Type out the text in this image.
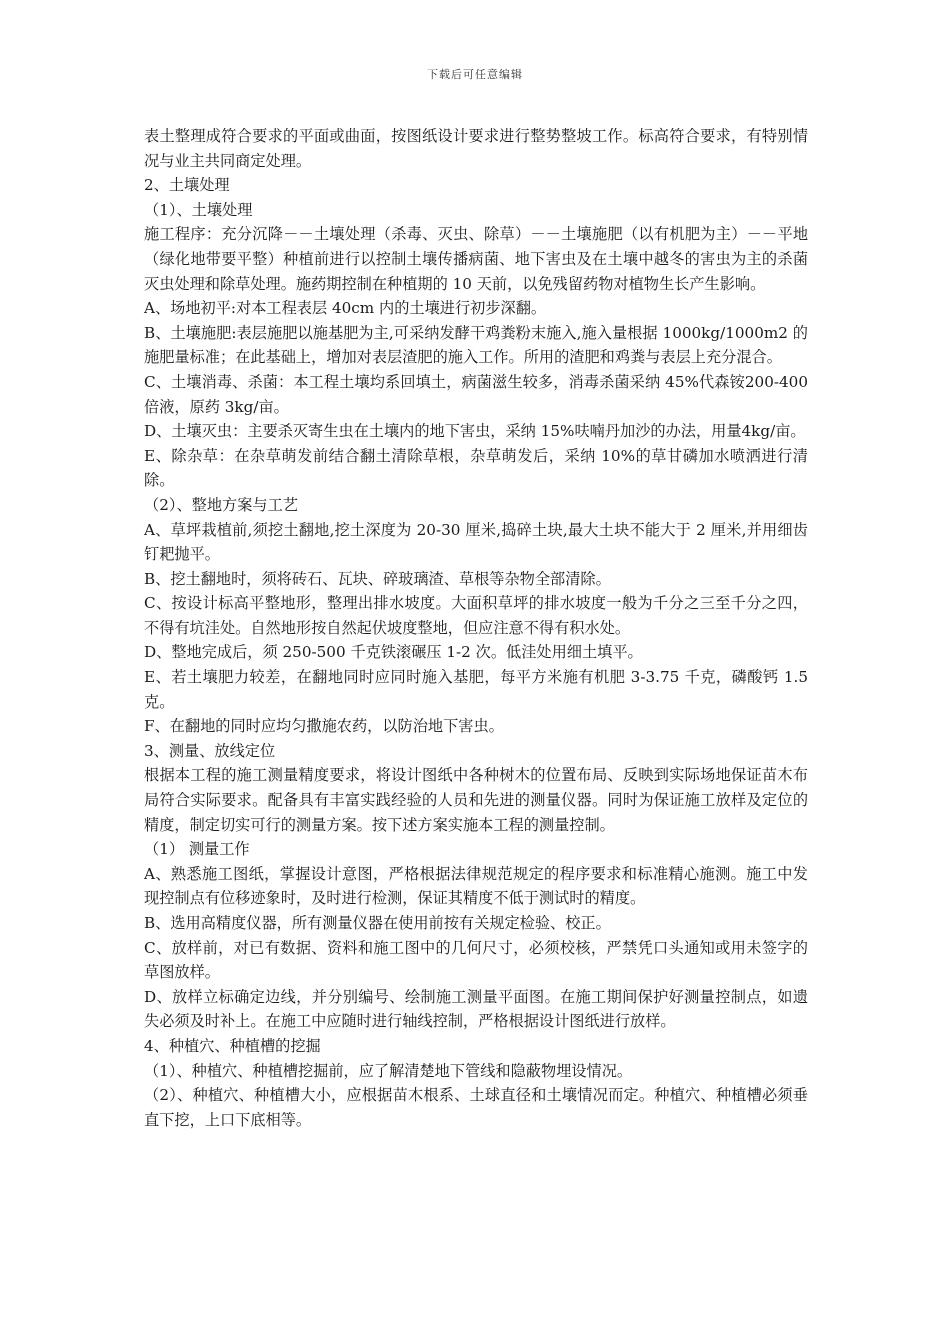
下载后可任意编辑

表土整理成符合要求的平面或曲面，按图纸设计要求进行整势整坡工作。标高符合要求，有特别情况与业主共同商定处理。

2、土壤处理

（1）、土壤处理

施工程序：充分沉降－－土壤处理（杀毒、灭虫、除草）－－土壤施肥（以有机肥为主）－－平地（绿化地带要平整）种植前进行以控制土壤传播病菌、地下害虫及在土壤中越冬的害虫为主的杀菌灭虫处理和除草处理。施药期控制在种植期的 10 天前，以免残留药物对植物生长产生影响。

A、场地初平:对本工程表层 40cm 内的土壤进行初步深翻。

B、土壤施肥:表层施肥以施基肥为主,可采纳发酵干鸡粪粉末施入,施入量根据 1000kg/1000m2 的施肥量标准；在此基础上，增加对表层渣肥的施入工作。所用的渣肥和鸡粪与表层上充分混合。

C、土壤消毒、杀菌：本工程土壤均系回填土，病菌滋生较多，消毒杀菌采纳 45%代森铵200-400 倍液，原药 3kg/亩。

D、土壤灭虫：主要杀灭寄生虫在土壤内的地下害虫，采纳 15%呋喃丹加沙的办法，用量4kg/亩。

E、除杂草：在杂草萌发前结合翻土清除草根，杂草萌发后，采纳 10%的草甘磷加水喷洒进行清除。

（2）、整地方案与工艺

A、草坪栽植前,须挖土翻地,挖土深度为 20-30 厘米,捣碎土块,最大土块不能大于 2 厘米,并用细齿钉耙抛平。

B、挖土翻地时，须将砖石、瓦块、碎玻璃渣、草根等杂物全部清除。

C、按设计标高平整地形，整理出排水坡度。大面积草坪的排水坡度一般为千分之三至千分之四，不得有坑洼处。自然地形按自然起伏坡度整地，但应注意不得有积水处。

D、整地完成后，须 250-500 千克铁滚碾压 1-2 次。低洼处用细土填平。

E、若土壤肥力较差，在翻地同时应同时施入基肥，每平方米施有机肥 3-3.75 千克，磷酸钙 1.5 克。

F、在翻地的同时应均匀撒施农药，以防治地下害虫。

3、测量、放线定位

根据本工程的施工测量精度要求，将设计图纸中各种树木的位置布局、反映到实际场地保证苗木布局符合实际要求。配备具有丰富实践经验的人员和先进的测量仪器。同时为保证施工放样及定位的精度，制定切实可行的测量方案。按下述方案实施本工程的测量控制。

（1） 测量工作

A、熟悉施工图纸，掌握设计意图，严格根据法律规范规定的程序要求和标准精心施测。施工中发现控制点有位移迹象时，及时进行检测，保证其精度不低于测试时的精度。

B、选用高精度仪器，所有测量仪器在使用前按有关规定检验、校正。

C、放样前，对已有数据、资料和施工图中的几何尺寸，必须校核，严禁凭口头通知或用未签字的草图放样。

D、放样立标确定边线，并分别编号、绘制施工测量平面图。在施工期间保护好测量控制点，如遗失必须及时补上。在施工中应随时进行轴线控制，严格根据设计图纸进行放样。

4、种植穴、种植槽的挖掘

（1）、种植穴、种植槽挖掘前，应了解清楚地下管线和隐蔽物埋设情况。

（2）、种植穴、种植槽大小，应根据苗木根系、土球直径和土壤情况而定。种植穴、种植槽必须垂直下挖，上口下底相等。
